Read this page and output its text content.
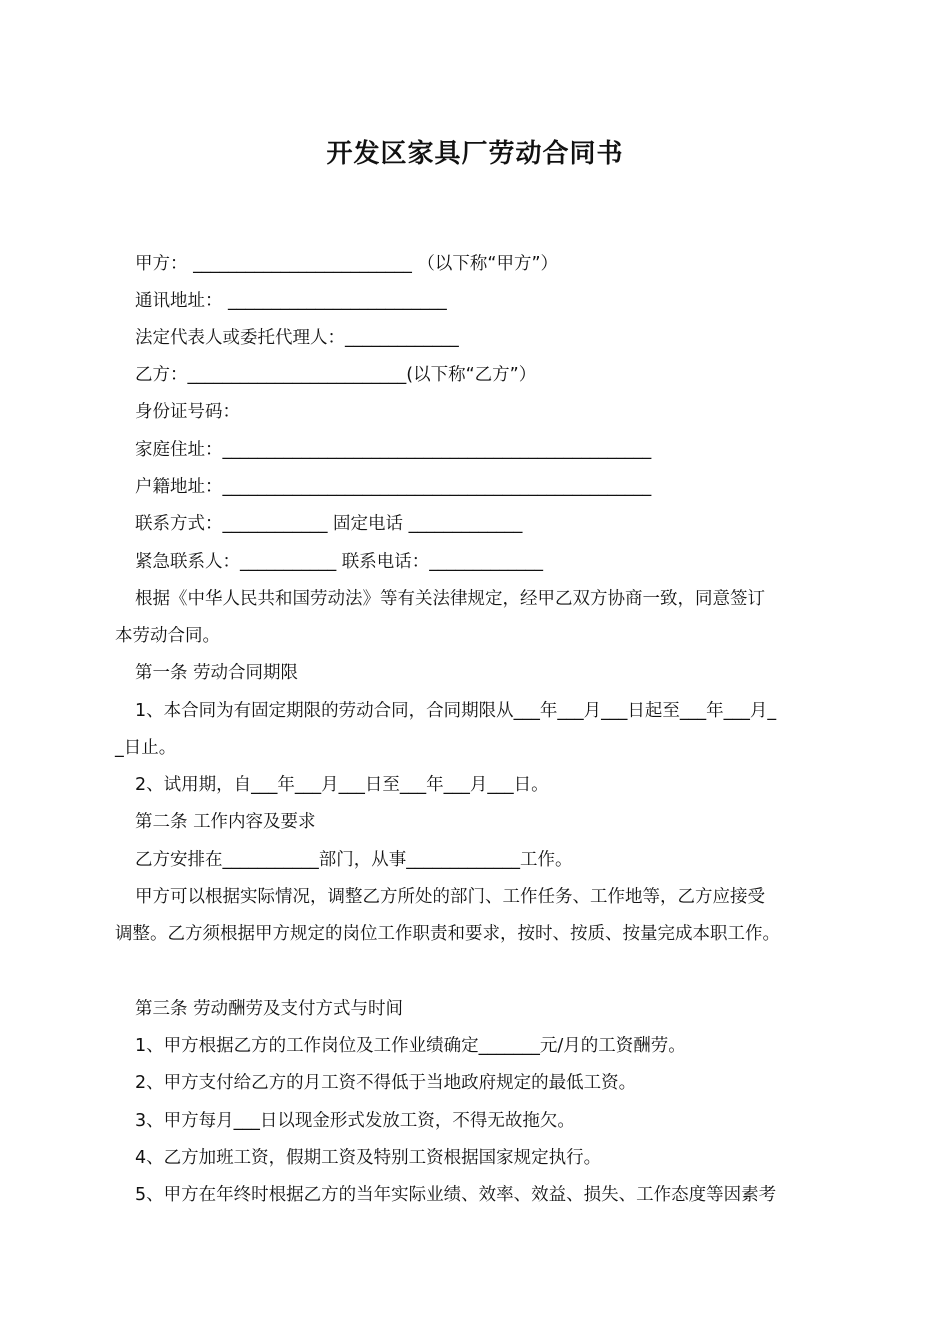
开发区家具厂劳动合同书
甲方： _________________________ （以下称“甲方”）
通讯地址： _________________________
法定代表人或委托代理人：_____________
乙方：_________________________(以下称“乙方”）
身份证号码：
家庭住址：_________________________________________________
户籍地址：_________________________________________________
联系方式：____________ 固定电话 _____________
紧急联系人：___________ 联系电话：_____________
根据《中华人民共和国劳动法》等有关法律规定，经甲乙双方协商一致，同意签订
本劳动合同。
第一条 劳动合同期限
1、本合同为有固定期限的劳动合同，合同期限从___年___月___日起至___年___月_
_日止。
2、试用期，自___年___月___日至___年___月___日。
第二条 工作内容及要求
乙方安排在___________部门，从事_____________工作。
甲方可以根据实际情况，调整乙方所处的部门、工作任务、工作地等，乙方应接受
调整。乙方须根据甲方规定的岗位工作职责和要求，按时、按质、按量完成本职工作。
第三条 劳动酬劳及支付方式与时间
1、甲方根据乙方的工作岗位及工作业绩确定_______元/月的工资酬劳。
2、甲方支付给乙方的月工资不得低于当地政府规定的最低工资。
3、甲方每月___日以现金形式发放工资，不得无故拖欠。
4、乙方加班工资，假期工资及特别工资根据国家规定执行。
5、甲方在年终时根据乙方的当年实际业绩、效率、效益、损失、工作态度等因素考
